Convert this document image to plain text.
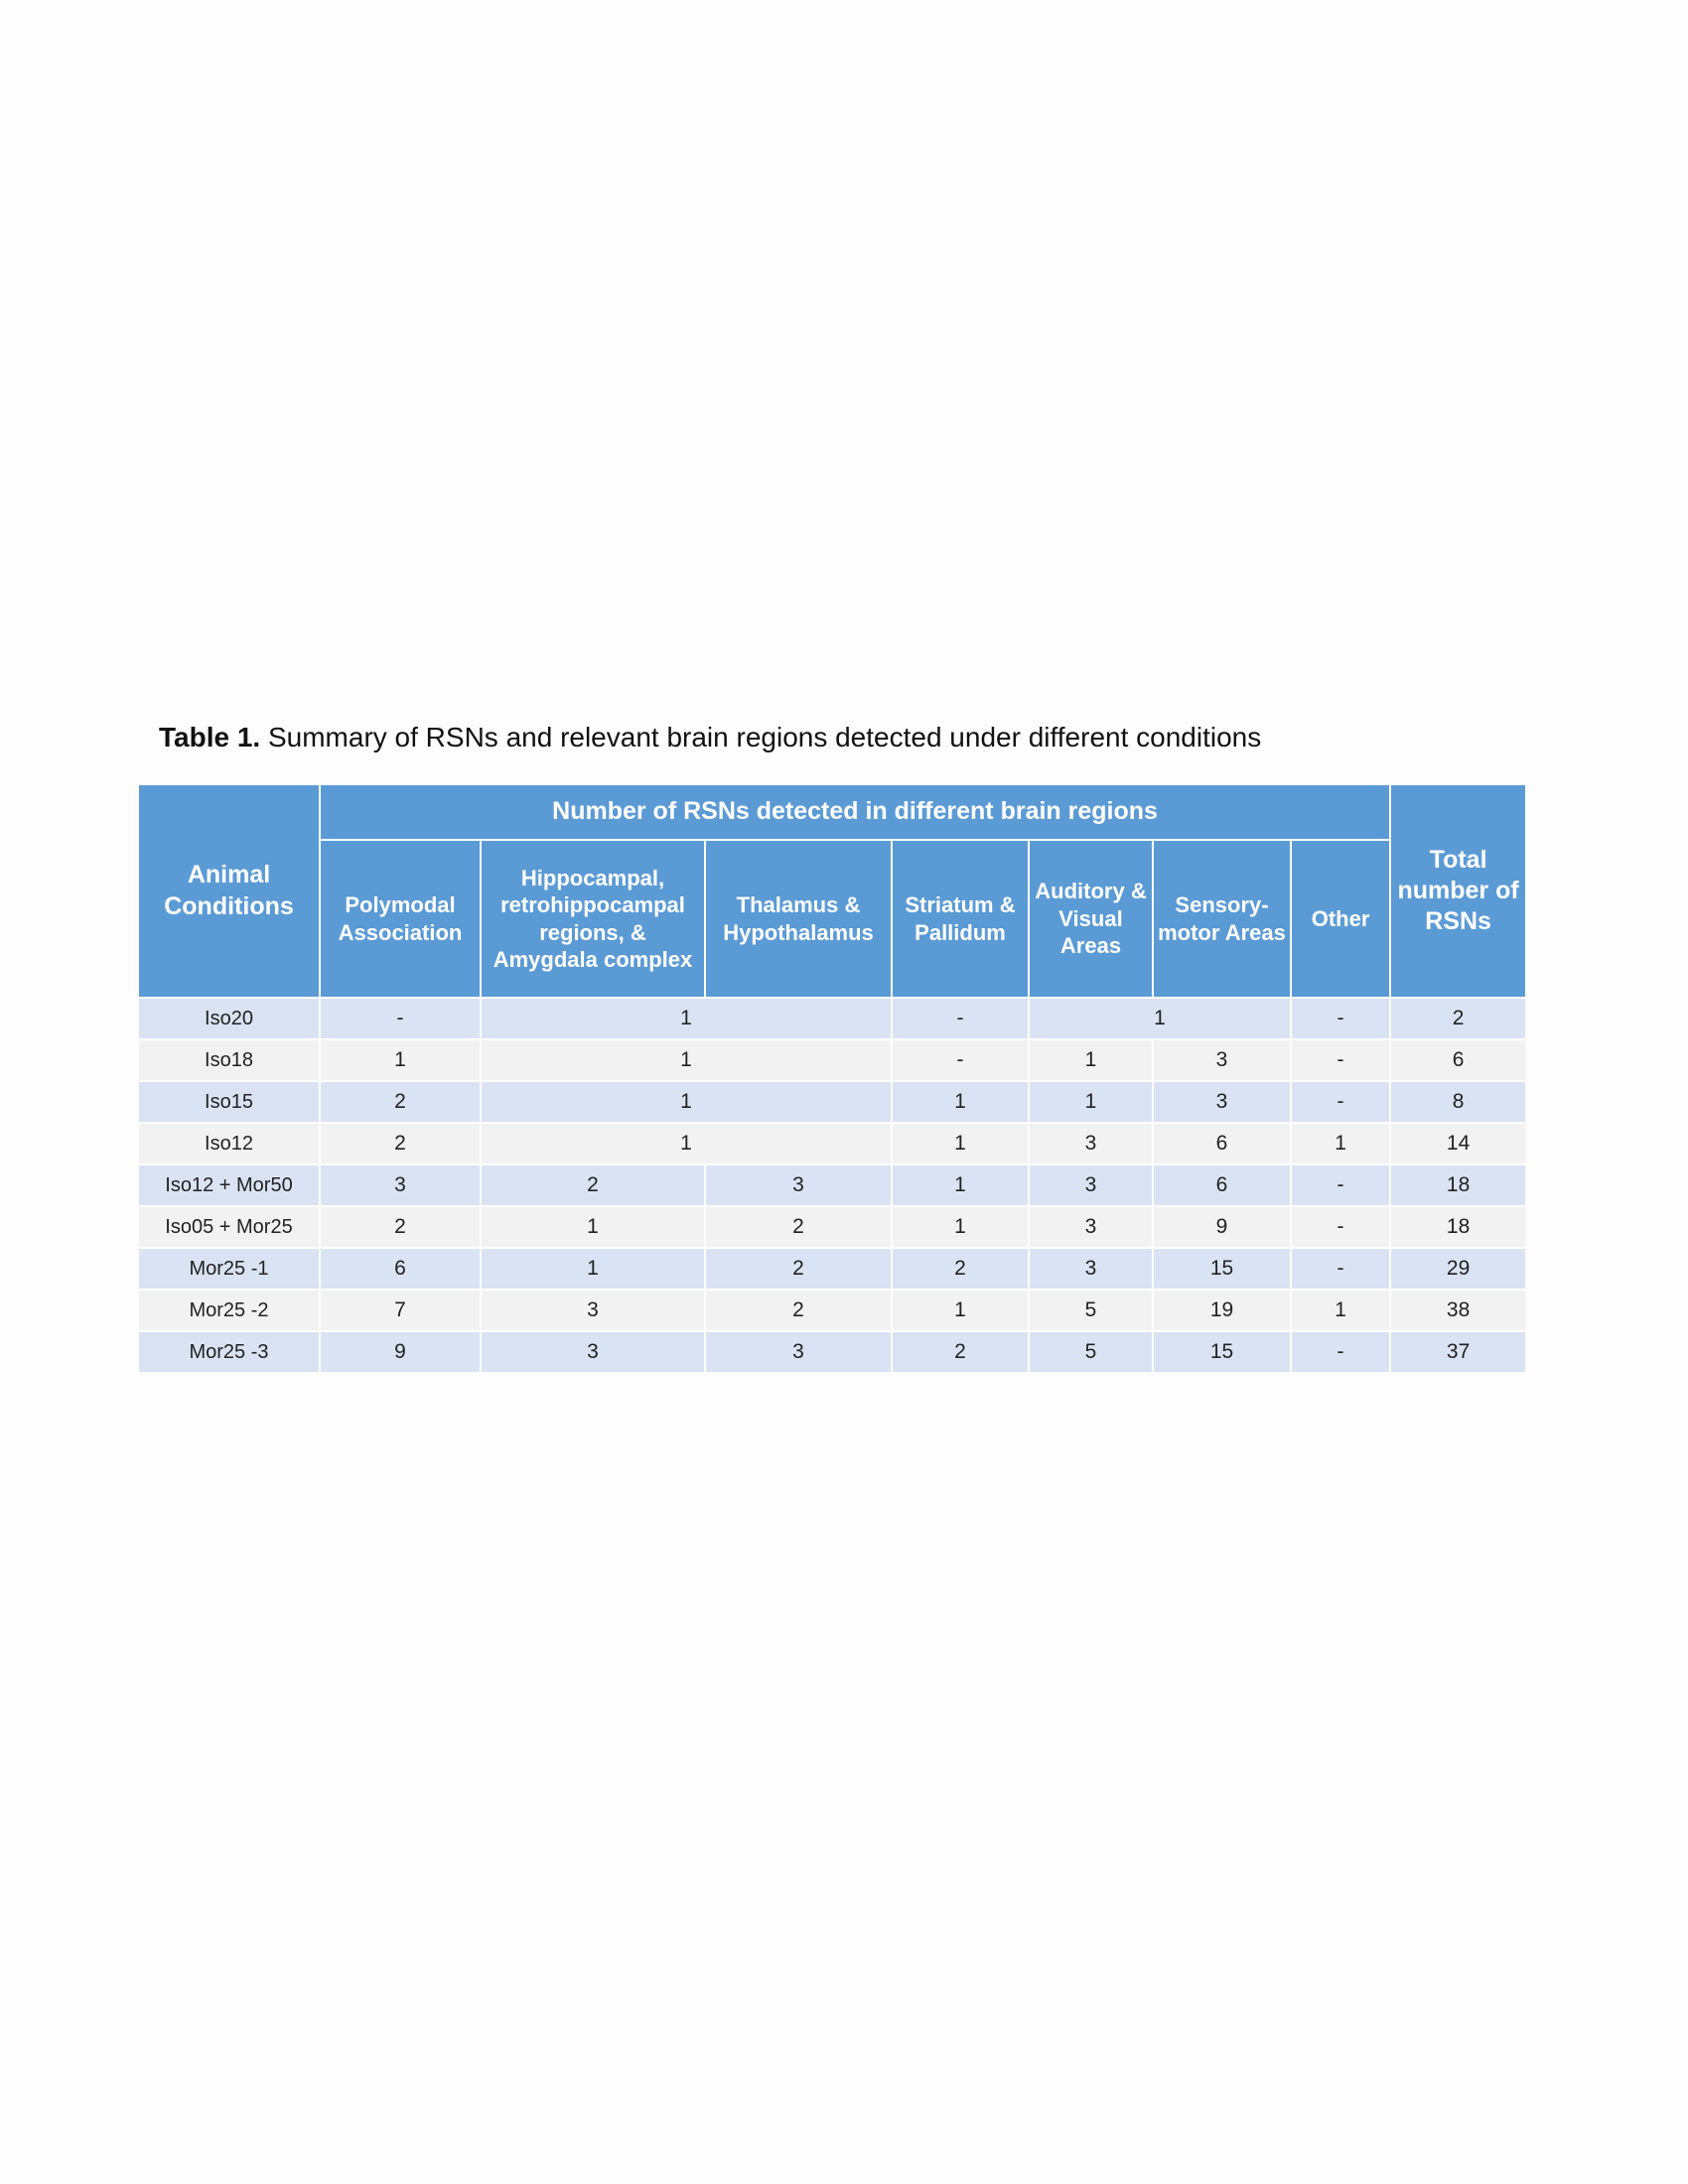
Table 1. Summary of RSNs and relevant brain regions detected under different conditions

Animal Conditions	Number of RSNs detected in different brain regions							Total number of RSNs
	Polymodal Association	Hippocampal, retrohippocampal regions, & Amygdala complex	Thalamus & Hypothalamus	Striatum & Pallidum	Auditory & Visual Areas	Sensory-motor Areas	Other	
Iso20	-	1		-	1		-	2
Iso18	1	1		-	1	3	-	6
Iso15	2	1		1	1	3	-	8
Iso12	2	1		1	3	6	1	14
Iso12 + Mor50	3	2	3	1	3	6	-	18
Iso05 + Mor25	2	1	2	1	3	9	-	18
Mor25 -1	6	1	2	2	3	15	-	29
Mor25 -2	7	3	2	1	5	19	1	38
Mor25 -3	9	3	3	2	5	15	-	37
